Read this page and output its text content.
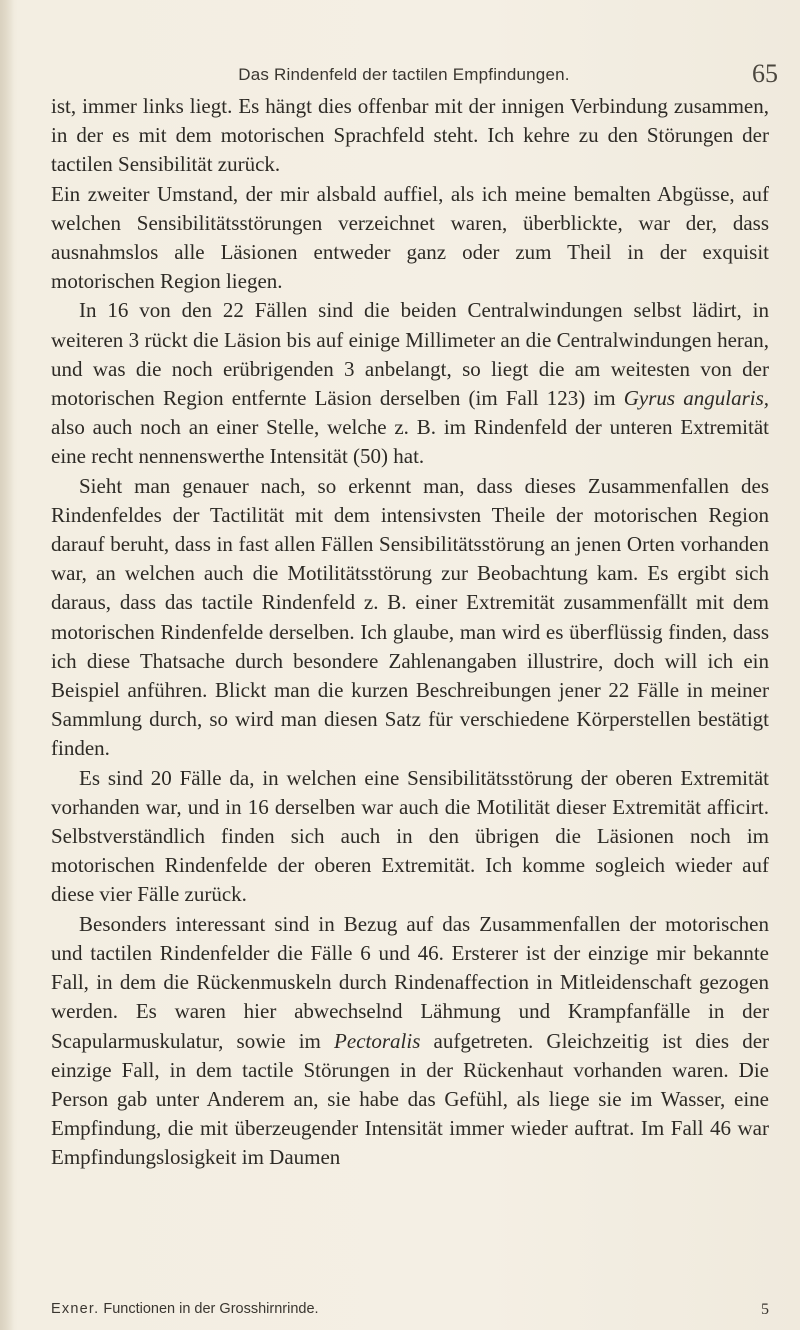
Das Rindenfeld der tactilen Empfindungen.	65

ist, immer links liegt. Es hängt dies offenbar mit der innigen Verbindung zusammen, in der es mit dem motorischen Sprachfeld steht. Ich kehre zu den Störungen der tactilen Sensibilität zurück.

Ein zweiter Umstand, der mir alsbald auffiel, als ich meine bemalten Abgüsse, auf welchen Sensibilitätsstörungen verzeichnet waren, überblickte, war der, dass ausnahmslos alle Läsionen entweder ganz oder zum Theil in der exquisit motorischen Region liegen.

In 16 von den 22 Fällen sind die beiden Centralwindungen selbst lädirt, in weiteren 3 rückt die Läsion bis auf einige Millimeter an die Centralwindungen heran, und was die noch erübrigenden 3 anbelangt, so liegt die am weitesten von der motorischen Region entfernte Läsion derselben (im Fall 123) im Gyrus angularis, also auch noch an einer Stelle, welche z. B. im Rindenfeld der unteren Extremität eine recht nennenswerthe Intensität (50) hat.

Sieht man genauer nach, so erkennt man, dass dieses Zusammenfallen des Rindenfeldes der Tactilität mit dem intensivsten Theile der motorischen Region darauf beruht, dass in fast allen Fällen Sensibilitätsstörung an jenen Orten vorhanden war, an welchen auch die Motilitätsstörung zur Beobachtung kam. Es ergibt sich daraus, dass das tactile Rindenfeld z. B. einer Extremität zusammenfällt mit dem motorischen Rindenfelde derselben. Ich glaube, man wird es überflüssig finden, dass ich diese Thatsache durch besondere Zahlenangaben illustrire, doch will ich ein Beispiel anführen. Blickt man die kurzen Beschreibungen jener 22 Fälle in meiner Sammlung durch, so wird man diesen Satz für verschiedene Körperstellen bestätigt finden.

Es sind 20 Fälle da, in welchen eine Sensibilitätsstörung der oberen Extremität vorhanden war, und in 16 derselben war auch die Motilität dieser Extremität afficirt. Selbstverständlich finden sich auch in den übrigen die Läsionen noch im motorischen Rindenfelde der oberen Extremität. Ich komme sogleich wieder auf diese vier Fälle zurück.

Besonders interessant sind in Bezug auf das Zusammenfallen der motorischen und tactilen Rindenfelder die Fälle 6 und 46. Ersterer ist der einzige mir bekannte Fall, in dem die Rückenmuskeln durch Rindenaffection in Mitleidenschaft gezogen werden. Es waren hier abwechselnd Lähmung und Krampfanfälle in der Scapularmuskulatur, sowie im Pectoralis aufgetreten. Gleichzeitig ist dies der einzige Fall, in dem tactile Störungen in der Rückenhaut vorhanden waren. Die Person gab unter Anderem an, sie habe das Gefühl, als liege sie im Wasser, eine Empfindung, die mit überzeugender Intensität immer wieder auftrat. Im Fall 46 war Empfindungslosigkeit im Daumen

Exner. Functionen in der Grosshirnrinde.	5
